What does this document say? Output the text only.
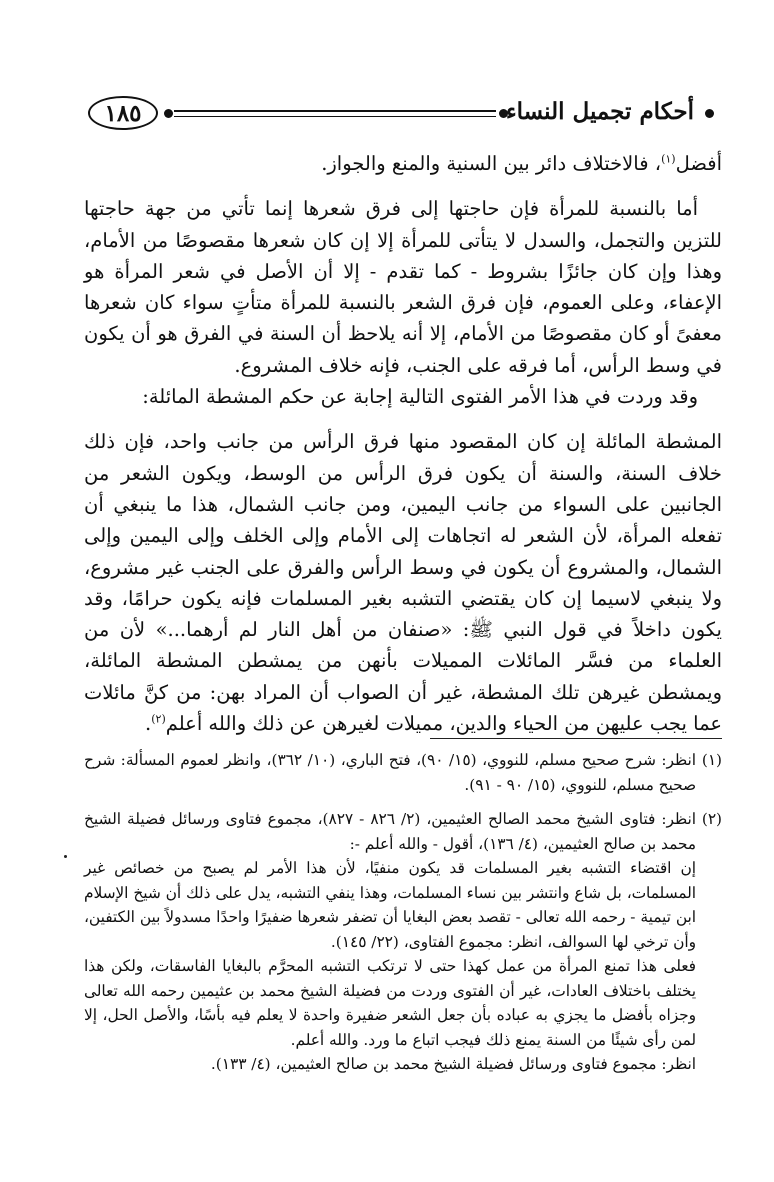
١٨٥	أحكام تجميل النساء

أفضل$^{(١)}$، فالاختلاف دائر بين السنية والمنع والجواز.

أما بالنسبة للمرأة فإن حاجتها إلى فرق شعرها إنما تأتي من جهة حاجتها للتزين والتجمل، والسدل لا يتأتى للمرأة إلا إن كان شعرها مقصوصًا من الأمام، وهذا وإن كان جائزًا بشروط - كما تقدم - إلا أن الأصل في شعر المرأة هو الإعفاء، وعلى العموم، فإن فرق الشعر بالنسبة للمرأة متأتٍ سواء كان شعرها معفىً أو كان مقصوصًا من الأمام، إلا أنه يلاحظ أن السنة في الفرق هو أن يكون في وسط الرأس، أما فرقه على الجنب، فإنه خلاف المشروع.

وقد وردت في هذا الأمر الفتوى التالية إجابة عن حكم المشطة المائلة:

المشطة المائلة إن كان المقصود منها فرق الرأس من جانب واحد، فإن ذلك خلاف السنة، والسنة أن يكون فرق الرأس من الوسط، ويكون الشعر من الجانبين على السواء من جانب اليمين، ومن جانب الشمال، هذا ما ينبغي أن تفعله المرأة، لأن الشعر له اتجاهات إلى الأمام وإلى الخلف وإلى اليمين وإلى الشمال، والمشروع أن يكون في وسط الرأس والفرق على الجنب غير مشروع، ولا ينبغي لاسيما إن كان يقتضي التشبه بغير المسلمات فإنه يكون حرامًا، وقد يكون داخلاً في قول النبي ﷺ: «صنفان من أهل النار لم أرهما...» لأن من العلماء من فسَّر المائلات المميلات بأنهن من يمشطن المشطة المائلة، ويمشطن غيرهن تلك المشطة، غير أن الصواب أن المراد بهن: من كنَّ مائلات عما يجب عليهن من الحياء والدين، مميلات لغيرهن عن ذلك والله أعلم$^{(٢)}$.

(١)

انظر: شرح صحيح مسلم، للنووي، (١٥/ ٩٠)، فتح الباري، (١٠/ ٣٦٢)، وانظر لعموم المسألة: شرح صحيح مسلم، للنووي، (١٥/ ٩٠ - ٩١).

(٢)

انظر: فتاوى الشيخ محمد الصالح العثيمين، (٢/ ٨٢٦ - ٨٢٧)، مجموع فتاوى ورسائل فضيلة الشيخ محمد بن صالح العثيمين، (٤/ ١٣٦)، أقول - والله أعلم -:

إن اقتضاء التشبه بغير المسلمات قد يكون منفيًا، لأن هذا الأمر لم يصبح من خصائص غير المسلمات، بل شاع وانتشر بين نساء المسلمات، وهذا ينفي التشبه، يدل على ذلك أن شيخ الإسلام ابن تيمية - رحمه الله تعالى - تقصد بعض البغايا أن تضفر شعرها ضفيرًا واحدًا مسدولاً بين الكتفين، وأن ترخي لها السوالف، انظر: مجموع الفتاوى، (٢٢/ ١٤٥).

فعلى هذا تمنع المرأة من عمل كهذا حتى لا ترتكب التشبه المحرَّم بالبغايا الفاسقات، ولكن هذا يختلف باختلاف العادات، غير أن الفتوى وردت من فضيلة الشيخ محمد بن عثيمين رحمه الله تعالى وجزاه بأفضل ما يجزي به عباده بأن جعل الشعر ضفيرة واحدة لا يعلم فيه بأسًا، والأصل الحل، إلا لمن رأى شيئًا من السنة يمنع ذلك فيجب اتباع ما ورد. والله أعلم.

انظر: مجموع فتاوى ورسائل فضيلة الشيخ محمد بن صالح العثيمين، (٤/ ١٣٣).
